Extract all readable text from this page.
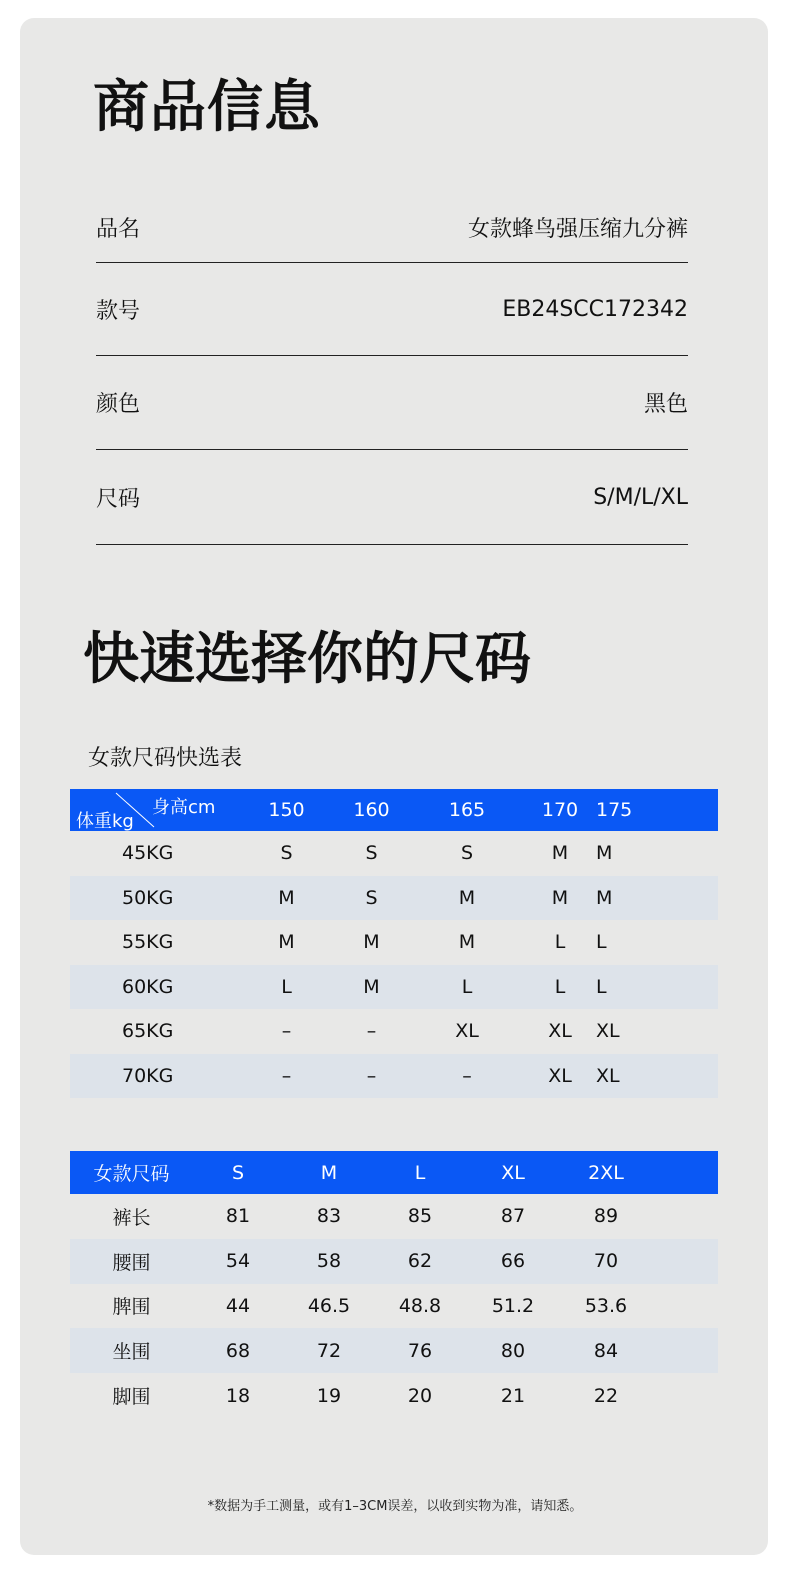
商品信息
品名	女款蜂鸟强压缩九分裤
款号	EB24SCC172342
颜色	黑色
尺码	S/M/L/XL
快速选择你的尺码
女款尺码快选表
身高cm
体重kg	150	160	165	170	175
45KG	S	S	S	M	M
50KG	M	S	M	M	M
55KG	M	M	M	L	L
60KG	L	M	L	L	L
65KG	–	–	XL	XL	XL
70KG	–	–	–	XL	XL
女款尺码	S	M	L	XL	2XL	
裤长	81	83	85	87	89	
腰围	54	58	62	66	70	
脾围	44	46.5	48.8	51.2	53.6	
坐围	68	72	76	80	84	
脚围	18	19	20	21	22	
*数据为手工测量，或有1–3CM误差，以收到实物为准，请知悉。
